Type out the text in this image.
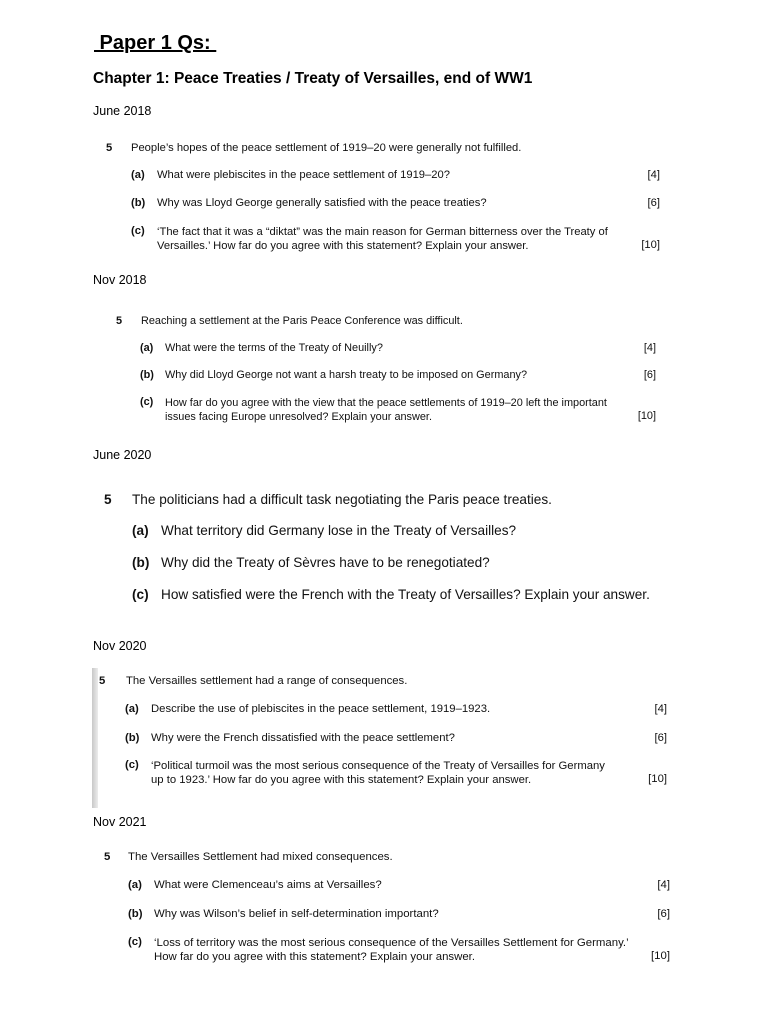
Paper 1 Qs:
Chapter 1: Peace Treaties / Treaty of Versailles, end of WW1
June 2018
5 People’s hopes of the peace settlement of 1919–20 were generally not fulfilled.
(a) What were plebiscites in the peace settlement of 1919–20?	[4]
(b) Why was Lloyd George generally satisfied with the peace treaties?	[6]
(c) ‘The fact that it was a “diktat” was the main reason for German bitterness over the Treaty of
Versailles.’ How far do you agree with this statement? Explain your answer.	[10]
Nov 2018
5 Reaching a settlement at the Paris Peace Conference was difficult.
(a) What were the terms of the Treaty of Neuilly?	[4]
(b) Why did Lloyd George not want a harsh treaty to be imposed on Germany?	[6]
(c) How far do you agree with the view that the peace settlements of 1919–20 left the important
issues facing Europe unresolved? Explain your answer.	[10]
June 2020
5 The politicians had a difficult task negotiating the Paris peace treaties.
(a) What territory did Germany lose in the Treaty of Versailles?
(b) Why did the Treaty of Sèvres have to be renegotiated?
(c) How satisfied were the French with the Treaty of Versailles? Explain your answer.
Nov 2020
5 The Versailles settlement had a range of consequences.
(a) Describe the use of plebiscites in the peace settlement, 1919–1923.	[4]
(b) Why were the French dissatisfied with the peace settlement?	[6]
(c) ‘Political turmoil was the most serious consequence of the Treaty of Versailles for Germany
up to 1923.’ How far do you agree with this statement? Explain your answer.	[10]
Nov 2021
5 The Versailles Settlement had mixed consequences.
(a) What were Clemenceau’s aims at Versailles?	[4]
(b) Why was Wilson’s belief in self-determination important?	[6]
(c) ‘Loss of territory was the most serious consequence of the Versailles Settlement for Germany.’
How far do you agree with this statement? Explain your answer.	[10]
